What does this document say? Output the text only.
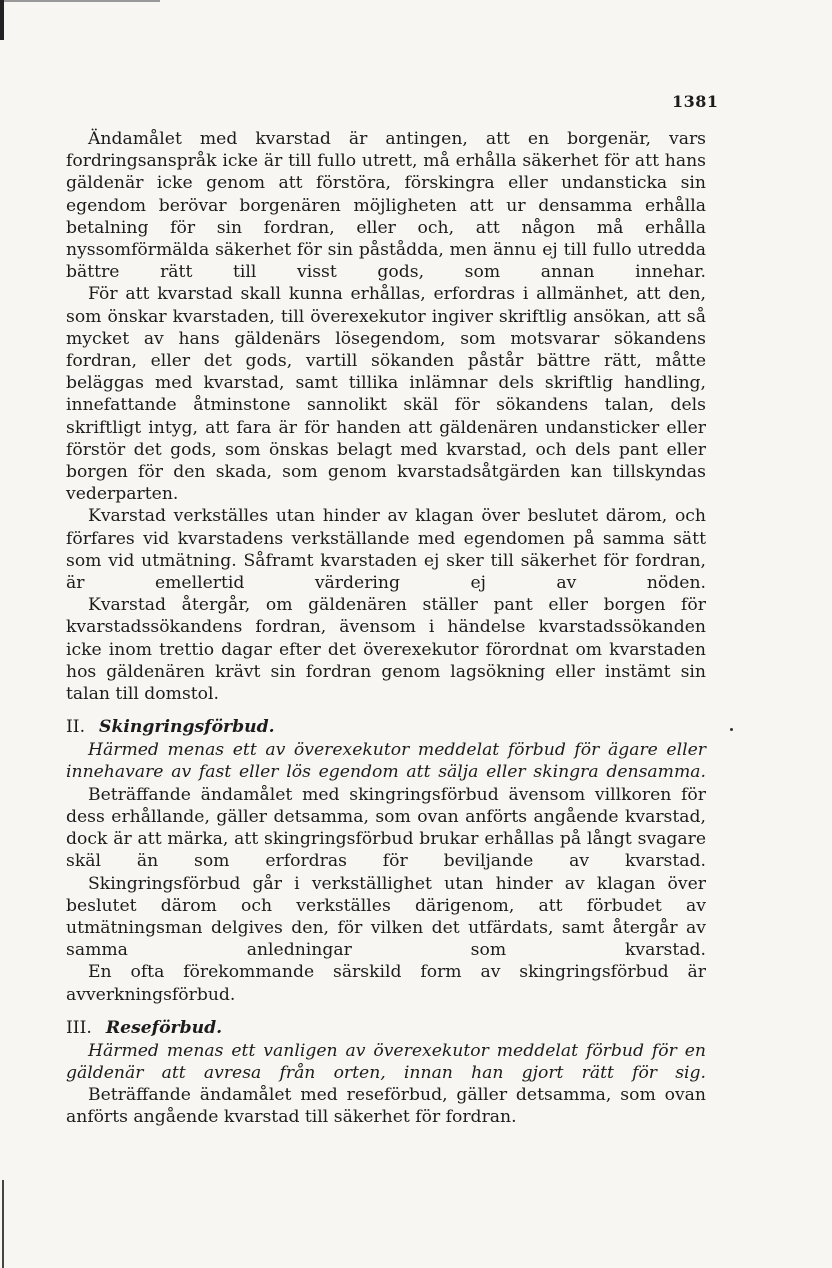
1381

Ändamålet med kvarstad är antingen, att en borgenär, vars fordringsanspråk icke är till fullo utrett, må erhålla säkerhet för att hans gäldenär icke genom att förstöra, förskingra eller undansticka sin egendom berövar borgenären möjligheten att ur densamma erhålla betalning för sin fordran, eller och, att någon må erhålla nyssomförmälda säkerhet för sin påstådda, men ännu ej till fullo utredda bättre rätt till visst gods, som annan innehar.

För att kvarstad skall kunna erhållas, erfordras i allmänhet, att den, som önskar kvarstaden, till överexekutor ingiver skriftlig ansökan, att så mycket av hans gäldenärs lösegendom, som motsvarar sökandens fordran, eller det gods, vartill sökanden påstår bättre rätt, måtte beläggas med kvarstad, samt tillika inlämnar dels skriftlig handling, innefattande åtminstone sannolikt skäl för sökandens talan, dels skriftligt intyg, att fara är för handen att gäldenären undansticker eller förstör det gods, som önskas belagt med kvarstad, och dels pant eller borgen för den skada, som genom kvarstadsåtgärden kan tillskyndas vederparten.

Kvarstad verkställes utan hinder av klagan över beslutet därom, och förfares vid kvarstadens verkställande med egendomen på samma sätt som vid utmätning. Såframt kvarstaden ej sker till säkerhet för fordran, är emellertid värdering ej av nöden.

Kvarstad återgår, om gäldenären ställer pant eller borgen för kvarstadssökandens fordran, ävensom i händelse kvarstadssökanden icke inom trettio dagar efter det överexekutor förordnat om kvarstaden hos gäldenären krävt sin fordran genom lagsökning eller instämt sin talan till domstol.

II. Skingringsförbud.

Härmed menas ett av överexekutor meddelat förbud för ägare eller innehavare av fast eller lös egendom att sälja eller skingra densamma.

Beträffande ändamålet med skingringsförbud ävensom villkoren för dess erhållande, gäller detsamma, som ovan anförts angående kvarstad, dock är att märka, att skingringsförbud brukar erhållas på långt svagare skäl än som erfordras för beviljande av kvarstad.

Skingringsförbud går i verkställighet utan hinder av klagan över beslutet därom och verkställes därigenom, att förbudet av utmätningsman delgives den, för vilken det utfärdats, samt återgår av samma anledningar som kvarstad.

En ofta förekommande särskild form av skingringsförbud är avverkningsförbud.

III. Reseförbud.

Härmed menas ett vanligen av överexekutor meddelat förbud för en gäldenär att avresa från orten, innan han gjort rätt för sig.

Beträffande ändamålet med reseförbud, gäller detsamma, som ovan anförts angående kvarstad till säkerhet för fordran.
